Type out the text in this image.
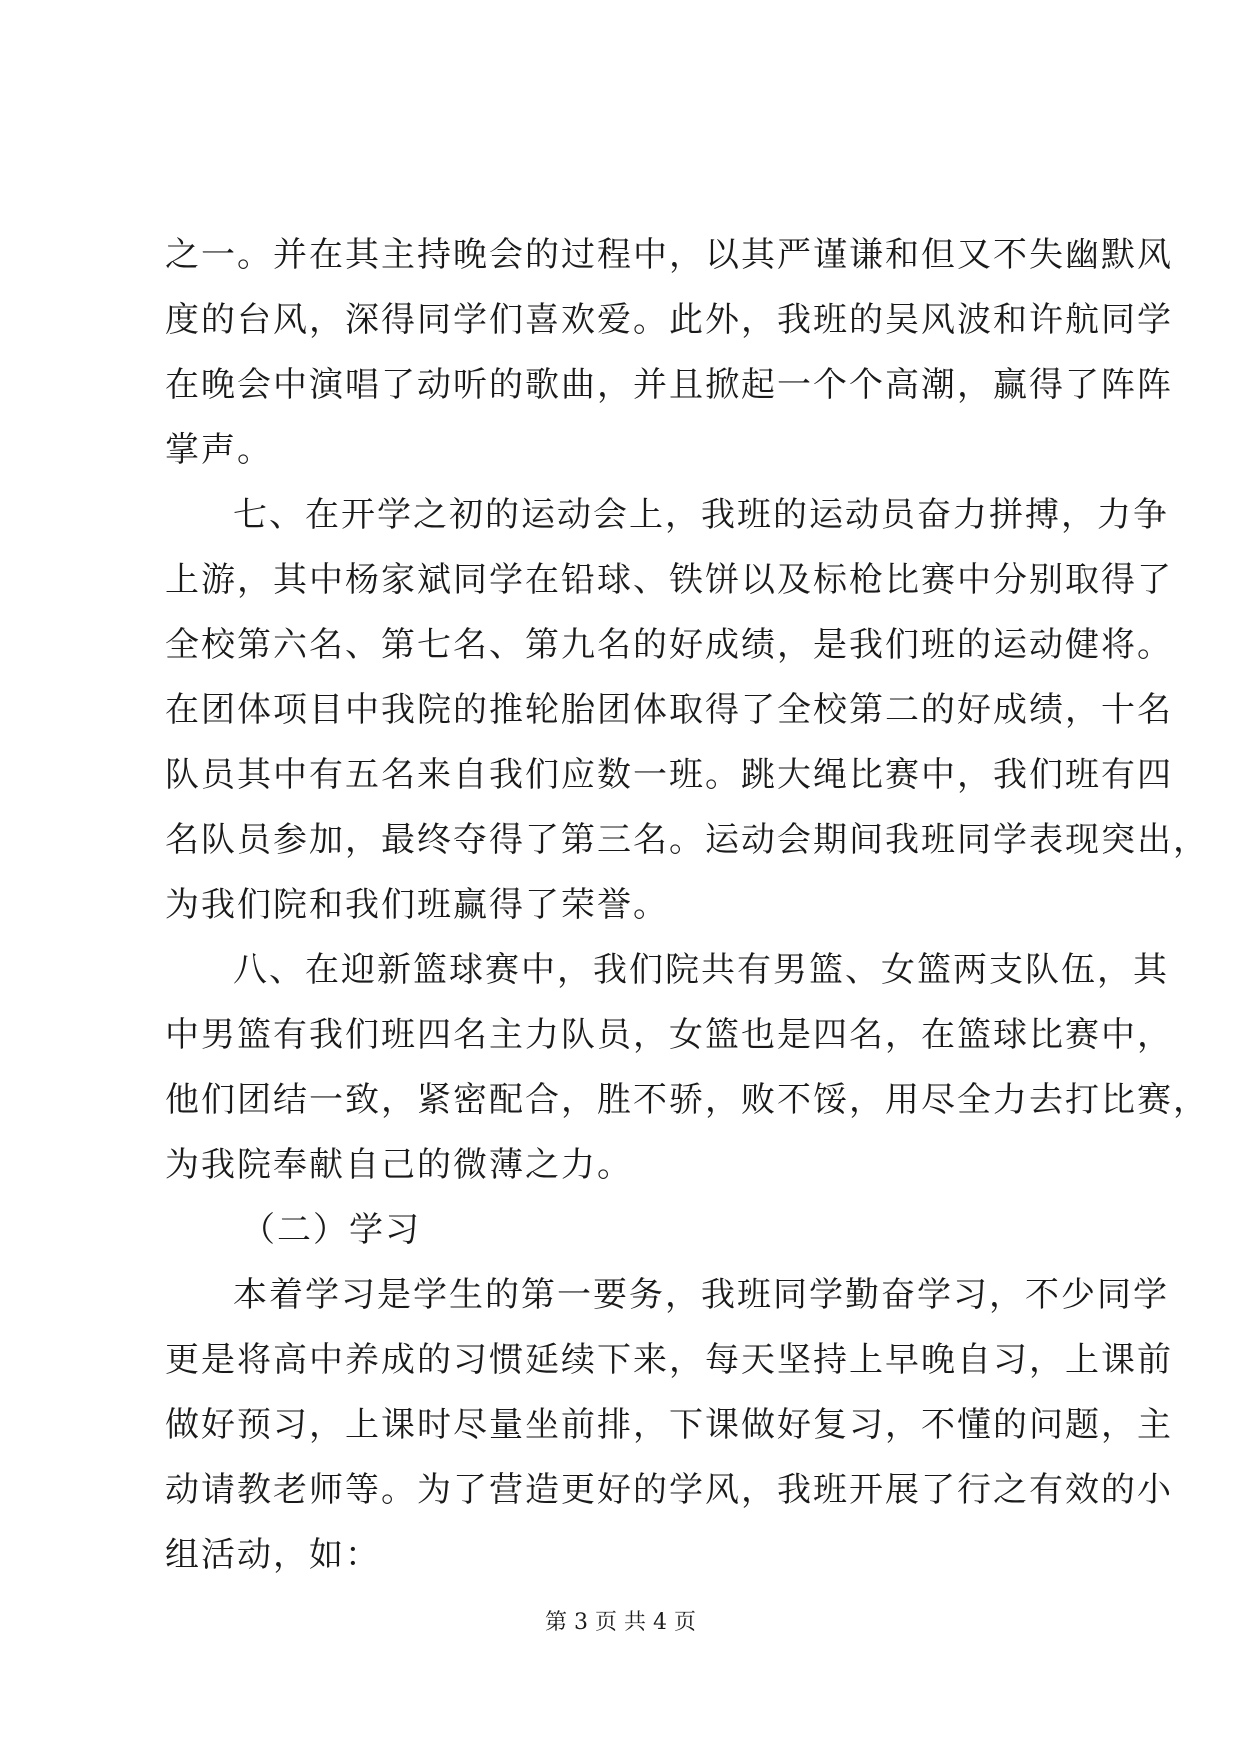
之一。并在其主持晚会的过程中，以其严谨谦和但又不失幽默风
度的台风，深得同学们喜欢爱。此外，我班的吴风波和许航同学
在晚会中演唱了动听的歌曲，并且掀起一个个高潮，赢得了阵阵
掌声。
七、在开学之初的运动会上，我班的运动员奋力拼搏，力争
上游，其中杨家斌同学在铅球、铁饼以及标枪比赛中分别取得了
全校第六名、第七名、第九名的好成绩，是我们班的运动健将。
在团体项目中我院的推轮胎团体取得了全校第二的好成绩，十名
队员其中有五名来自我们应数一班。跳大绳比赛中，我们班有四
名队员参加，最终夺得了第三名。运动会期间我班同学表现突出，
为我们院和我们班赢得了荣誉。
八、在迎新篮球赛中，我们院共有男篮、女篮两支队伍，其
中男篮有我们班四名主力队员，女篮也是四名，在篮球比赛中，
他们团结一致，紧密配合，胜不骄，败不馁，用尽全力去打比赛，
为我院奉献自己的微薄之力。
（二）学习
本着学习是学生的第一要务，我班同学勤奋学习，不少同学
更是将高中养成的习惯延续下来，每天坚持上早晚自习，上课前
做好预习，上课时尽量坐前排，下课做好复习，不懂的问题，主
动请教老师等。为了营造更好的学风，我班开展了行之有效的小
组活动，如：
第 3 页 共 4 页
